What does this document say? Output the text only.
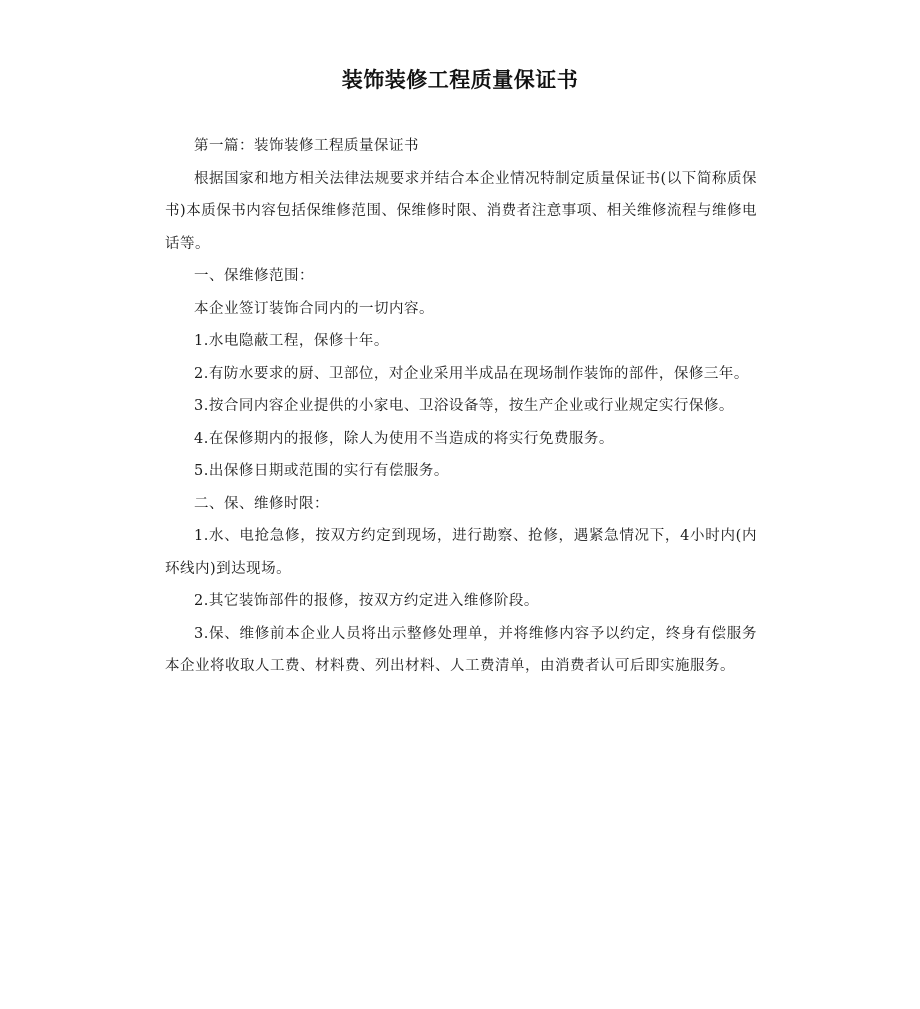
装饰装修工程质量保证书

第一篇：装饰装修工程质量保证书

根据国家和地方相关法律法规要求并结合本企业情况特制定质量保证书(以下简称质保书)本质保书内容包括保维修范围、保维修时限、消费者注意事项、相关维修流程与维修电话等。

一、保维修范围：

本企业签订装饰合同内的一切内容。

1.水电隐蔽工程，保修十年。

2.有防水要求的厨、卫部位，对企业采用半成品在现场制作装饰的部件，保修三年。

3.按合同内容企业提供的小家电、卫浴设备等，按生产企业或行业规定实行保修。

4.在保修期内的报修，除人为使用不当造成的将实行免费服务。

5.出保修日期或范围的实行有偿服务。

二、保、维修时限：

1.水、电抢急修，按双方约定到现场，进行勘察、抢修，遇紧急情况下，4小时内(内环线内)到达现场。

2.其它装饰部件的报修，按双方约定进入维修阶段。

3.保、维修前本企业人员将出示整修处理单，并将维修内容予以约定，终身有偿服务本企业将收取人工费、材料费、列出材料、人工费清单，由消费者认可后即实施服务。
